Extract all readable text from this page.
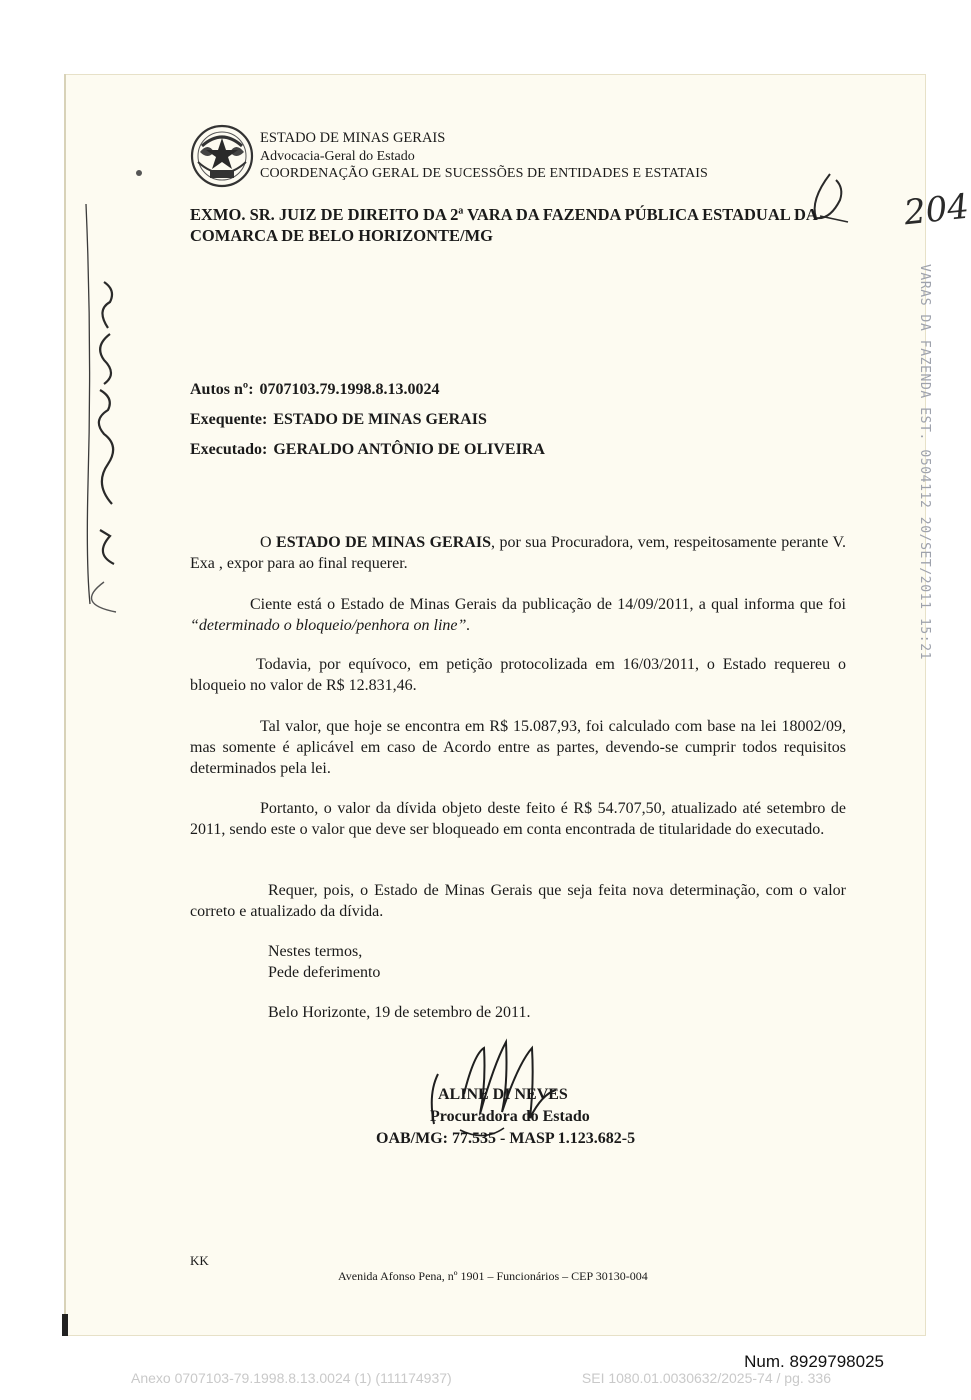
ESTADO DE MINAS GERAIS
Advocacia-Geral do Estado
COORDENAÇÃO GERAL DE SUCESSÕES DE ENTIDADES E ESTATAIS
204
VARAS DA FAZENDA EST. 0504112 20/SET/2011 15:21
EXMO. SR. JUIZ DE DIREITO DA 2ª VARA DA FAZENDA PÚBLICA ESTADUAL DA COMARCA DE BELO HORIZONTE/MG
Autos nº: 0707103.79.1998.8.13.0024
Exequente: ESTADO DE MINAS GERAIS
Executado: GERALDO ANTÔNIO DE OLIVEIRA
O ESTADO DE MINAS GERAIS, por sua Procuradora, vem, respeitosamente perante V. Exa , expor para ao final requerer.
Ciente está o Estado de Minas Gerais da publicação de 14/09/2011, a qual informa que foi “determinado o bloqueio/penhora on line”.
Todavia, por equívoco, em petição protocolizada em 16/03/2011, o Estado requereu o bloqueio no valor de R$ 12.831,46.
Tal valor, que hoje se encontra em R$ 15.087,93, foi calculado com base na lei 18002/09, mas somente é aplicável em caso de Acordo entre as partes, devendo-se cumprir todos requisitos determinados pela lei.
Portanto, o valor da dívida objeto deste feito é R$ 54.707,50, atualizado até setembro de 2011, sendo este o valor que deve ser bloqueado em conta encontrada de titularidade do executado.
Requer, pois, o Estado de Minas Gerais que seja feita nova determinação, com o valor correto e atualizado da dívida.
Nestes termos,
Pede deferimento
Belo Horizonte, 19 de setembro de 2011.
ALINE DI NEVES
Procuradora do Estado
OAB/MG: 77.535 - MASP 1.123.682-5
KK
Avenida Afonso Pena, nº 1901 – Funcionários – CEP 30130-004
Num. 8929798025
Anexo 0707103-79.1998.8.13.0024 (1) (111174937)	SEI 1080.01.0030632/2025-74 / pg. 336
